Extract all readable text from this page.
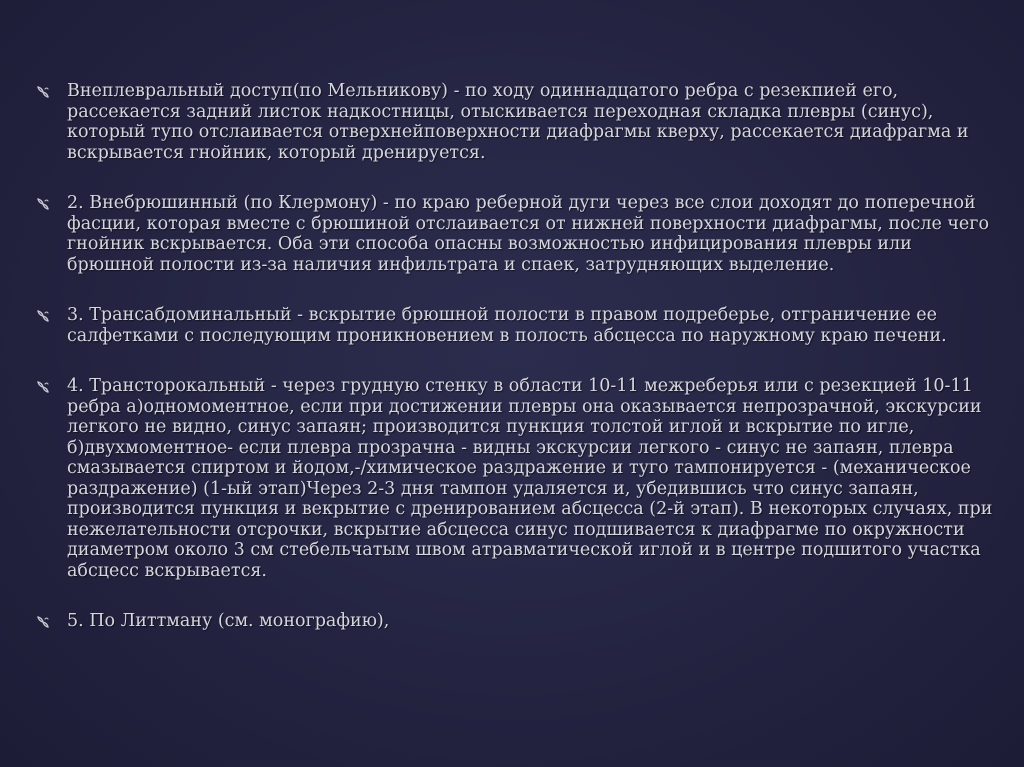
Внеплевральный доступ(по Мельникову) - по ходу одиннадцатого ребра с резекпией его, рассекается задний листок надкостницы, отыскивается переходная складка плевры (синус), который тупо отслаивается отверхнейповерхности диафрагмы кверху, рассекается диафрагма и вскрывается гнойник, который дренируется.
2. Внебрюшинный (по Клермону) - по краю реберной дуги через все слои доходят до поперечной фасции, которая вместе с брюшиной отслаивается от нижней поверхности диафрагмы, после чего гнойник вскрывается. Оба эти способа опасны возможностью инфицирования плевры или брюшной полости из-за наличия инфильтрата и спаек, затрудняющих выделение.
3. Трансабдоминальный - вскрытие брюшной полости в правом подреберье, отграничение ее салфетками с последующим проникновением в полость абсцесса по наружному краю печени.
4. Трансторокальный - через грудную стенку в области 10-11 межреберья или с резекцией 10-11 ребра а)одномоментное, если при достижении плевры она оказывается непрозрачной, экскурсии легкого не видно, синус запаян; производится пункция толстой иглой и вскрытие по игле, б)двухмоментное- если плевра прозрачна - видны экскурсии легкого - синус не запаян, плевра смазывается спиртом и йодом,-/химическое раздражение и туго тампонируется - (механическое раздражение) (1-ый этап)Через 2-3 дня тампон удаляется и, убедившись что синус запаян, производится пункция и векрытие с дренированием абсцесса (2-й этап). В некоторых случаях, при нежелательности отсрочки, вскрытие абсцесса синус подшивается к диафрагме по окружности диаметром около 3 см стебельчатым швом атравматической иглой и в центре подшитого участка абсцесс вскрывается.
5. По Литтману (см. монографию),
